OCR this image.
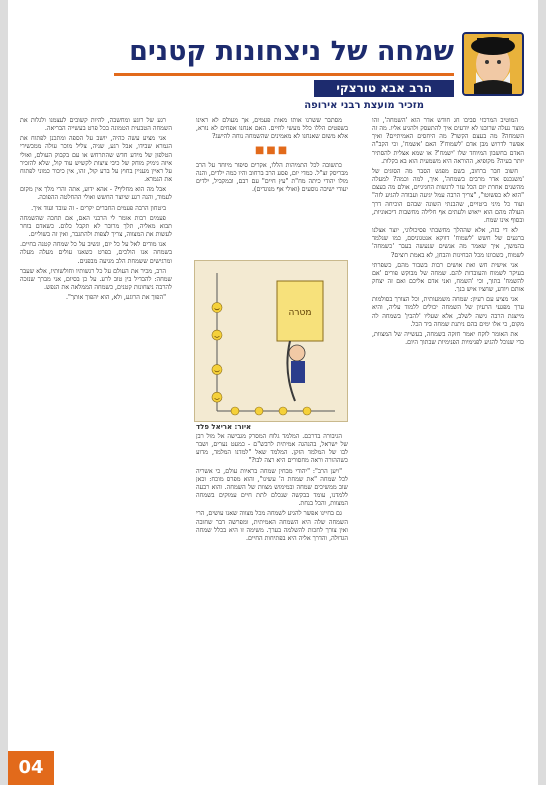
שמחה של ניצחונות קטנים
הרב אבא טורצקי
מזכיר מועצת רבני אירופה

המוטיב המרכזי סביבו חג חודש אדר הוא 'השמחה', זהו מוצר נעלה שרובנו לא יודעים איך להתעסק ולהגיע אליו. מה זה השמחה? מה בעצם הקשר? מה היחסים האמיתיים? ואיך אפשר לדרוש מבן אדם 'לשמוח'? האם 'אשמח', וכי הקב"ה האדם בחשבון המיוחד שלו 'ישמח'? או שמא אצלית להסתיר יותר בעיה? מקופיא, ההוראה היא משמעית הוא בא בקלות.

חשוב חבר ברחוב, בשם מפגש הסבר מה הסוגים של 'משנכנס אדר מרבים בשמחה', איך, למה וכמה? למעלה מהשנים אחרת יום הכל עזר לרגשות החגיגיים, אולם מה בעצם "הוא לא כפשוטו", "צריך הרבה עמל יגיעה ועבודה להגיע לזה" ועוד כל מיני ביטויים, שהבנתי השונה שבהם הוכיחה דרך העולה מהם הוא ייאוש ולעתים אף חלילה מחשבות דיכאוניות, ובסוף אינו שמח.

לא די בזה, אלא שההלך מחשבתי פסיכולוגי, יוצר אצלנו ברגעים של חשש 'לשמוח' דווקא אנטגוניסם, כמו שנלמד בהמשך, איך שאמר מה אנשים שנעשה בעבר 'כשמחה' לשמוח, כשכוונו מכל הבחינות והבחן, לא באמת רוצים?

אני אישית חש ואת אושים רבות בשבור מהם, כשפרתי בעיקר לשמוח והעובדות להם. שמחה של מבוקש פורים 'אם להשמח' בתוך, וכי 'השמח, ואני אדם אליכם ואם זה יצחק אותם ויודע, שחציו איש בנך.

אני מציע עם רעיון: שמחה משמעותית, וכל הצורך בסולמות ערך מפגעי הרעיון של השמחה יכולים ללמוד עליה, והיא מייצגת הרבה גישה לשלב, אלא שעליו 'להבין' בשמחה לה מקום, כי אלו ימים בהם ניתנת שמחה ביד הכל.

את האומר לוקח יאמר חזקה בשמחה, בעשייה של המצוות, כדי שנוכל להגיע לפנימיות הפנימיות שבתוך היום.

מסתבר ששרנו אותו מאות פעמים, אך מעולם לא ראינו בשפטים הללו כלל מעשי לחיים. האם אנחנו אפחים לא נורא, אלא משום שאנחנו לא מאמינים שהשמחה נוחה להישג?

■■■

כתשובה לכל התמיהות הללו, אקרים סיפור מיוחד על הרב מבריסק זצ"ל. כמדי יום, פסע הרב ברחוב והיו כמה ילדים, והנה מולו יהודי כיתה מח"ת "עץ חיים" עם רבם, ובמקביל, ילדים יעודי ישיבה נוסעים (ואולי אף מנוגדים).

מטרה
איור: אריאל פלד

הגיבורה בדרכם. המלמד גלוח המסרק מגבישה אל מול רבן של ישראל, בהנהגה אמיתית לרבש"ם - כמעט נערים, ושבר לבו של המלמד הזקן. המלמד שאל "למדנו המלמד, מדוע כשההורה וראה מחסורים היא רצה לבו?"

"ויען הרב": "יהודי מבחין שמחה בראיות עולם, כי אשריה לכל שמחה "את שמחת ה' עשינו", והוא מפרס מוכח: וכאן שוב ממשיכים שמחה ובמימוש מצוות של השמחה. והוא רבעה ללמדנו, עומד בבקשה שנכלם לתת חיים עמוקים בשמחה המצוות, והכל בנחת.

גם בחיינו אפשר להגיע לשמחה מכל מצווה שאנו עושים, הרי השמחה שלה היא השמחה האמיתית, ומפרשה דבר שחובה ואין צורך לחכות להשלמה בערך. משימה זו היא בכלל שמחה הגדולה, והדרך אליה היא בפתיחות החיים.

רגע של רוגע ומחשבה, להיות קשובים לעצמנו ולגלות את השמחה הטבעית הטמונה בכל פרט בעשייה הבריאה.

אני מציע עשה כהיה, יושב על הספה ומתכנן לפתוח את הגמרא שבידו, אבל רגע, שניה, צליל מוכר עולה ממכשירי הטלפון של מידע חדש שהתרחש או עם בקבוק העולם, ואולי איזה גימיק מוחק של כיבי ציצות לקשיש עוד קול, שלא להזכיר על ראיין מעניין בחוץ על ברע קול, זהו, אין כיכור כמוני לפתוח את הגמרא.

אבל מה הוא מחליף? - אהא ידוע, אתה והרי מלך אין מקום לעמוד, והנה רגע שיוצר החשש ואולי ההחלטה ההפוכה.

ביטחון הרבה פעמים החברים יקרים - זה עובד ועוד איך.

פעמים רבות אומר לי הרבני האם, אם תחכה שהשמחה תבוא מאליה, תלך מרובר לא תקבל כלום. כשאדם בוחר לעשות את המצווה, צריך לצפות ולהתגבר, ואין זה בשוליים.

אנו מודים לאל על כל יום, ונשיב על כל שמחה קטנה בחיים. בשמחה אנו הולכים, בפרט כשאנו עולים מעלה מעלה ומרגישים ששמחת הלב מגיעה מבפנים.

הרב, מכיר את העולם על כל רגשותיו וחולשותיו, אלא שעבר שמחה: להבדיל בין טוב לרע. על כן בסיום, אני מברך שנזכה להרבה ניצחונות קטנים, כשמחה הממלאה את הנפש.

"הפוך את הרוגע, ולא, הוא יהפוך אותך".

04
